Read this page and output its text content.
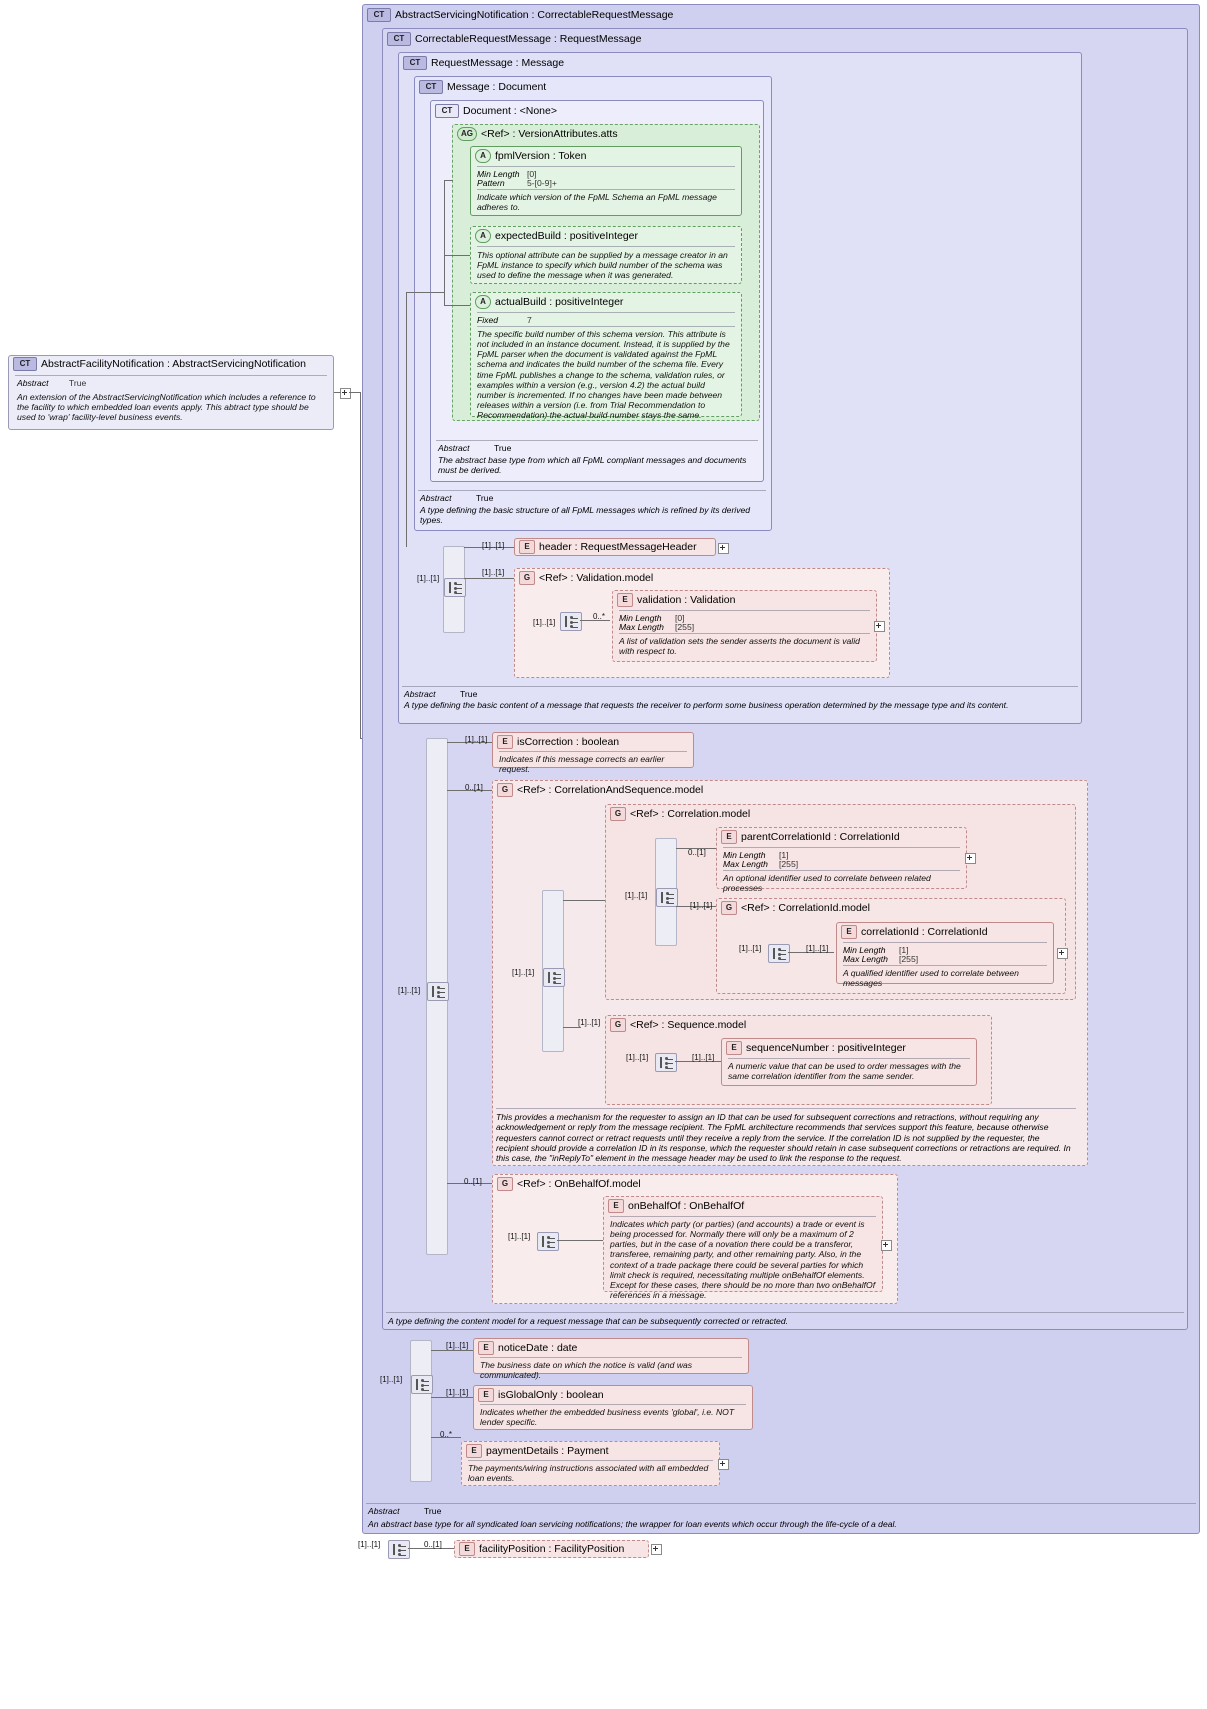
CT AbstractFacilityNotification : AbstractServicingNotification
Abstract True
An extension of the AbstractServicingNotification which includes a reference to the facility to which embedded loan events apply. This abtract type should be used to 'wrap' facility-level business events.
CT AbstractServicingNotification : CorrectableRequestMessage
CT CorrectableRequestMessage : RequestMessage
CT RequestMessage : Message
CT Message : Document
CT Document : <None>
AG <Ref> : VersionAttributes.atts
A fpmlVersion : Token
Min Length [0]
Pattern	5-[0-9]+
Indicate which version of the FpML Schema an FpML message adheres to.
A expectedBuild : positiveInteger
This optional attribute can be supplied by a message creator in an FpML instance to specify which build number of the schema was used to define the message when it was generated.
A actualBuild : positiveInteger
Fixed	7
The specific build number of this schema version. This attribute is not included in an instance document. Instead, it is supplied by the FpML parser when the document is validated against the FpML schema and indicates the build number of the schema file. Every time FpML publishes a change to the schema, validation rules, or examples within a version (e.g., version 4.2) the actual build number is incremented. If no changes have been made between releases within a version (i.e. from Trial Recommendation to Recommendation) the actual build number stays the same.
Abstract	True
The abstract base type from which all FpML compliant messages and documents must be derived.
Abstract	True
A type defining the basic structure of all FpML messages which is refined by its derived types.
[1]..[1]
E header : RequestMessageHeader
[1]..[1]
[1]..[1]
G <Ref> : Validation.model
[1]..[1]
0..*
E validation : Validation
Min Length [0]
Max Length [255]
A list of validation sets the sender asserts the document is valid with respect to.
Abstract	True
A type defining the basic content of a message that requests the receiver to perform some business operation determined by the message type and its content.
[1]..[1]
E isCorrection : boolean
Indicates if this message corrects an earlier request.
[1]..[1]
G <Ref> : CorrelationAndSequence.model
0..[1]
[1]..[1]
G <Ref> : Correlation.model
[1]..[1]
E parentCorrelationId : CorrelationId
Min Length [1]
Max Length [255]
An optional identifier used to correlate between related processes
0..[1]
G <Ref> : CorrelationId.model
[1]..[1]
[1]..[1]	[1]..[1]
E correlationId : CorrelationId
Min Length [1]
Max Length [255]
A qualified identifier used to correlate between messages
G <Ref> : Sequence.model
[1]..[1]
[1]..[1]	[1]..[1]
E sequenceNumber : positiveInteger
A numeric value that can be used to order messages with the same correlation identifier from the same sender.
This provides a mechanism for the requester to assign an ID that can be used for subsequent corrections and retractions, without requiring any acknowledgement or reply from the message recipient. The FpML architecture recommends that services support this feature, because otherwise requesters cannot correct or retract requests until they receive a reply from the service. If the correlation ID is not supplied by the requester, the recipient should provide a correlation ID in its response, which the requester should retain in case subsequent corrections or retractions are required. In this case, the "inReplyTo" element in the message header may be used to link the response to the request.
G <Ref> : OnBehalfOf.model
0..[1]
[1]..[1]
E onBehalfOf : OnBehalfOf
Indicates which party (or parties) (and accounts) a trade or event is being processed for. Normally there will only be a maximum of 2 parties, but in the case of a novation there could be a transferor, transferee, remaining party, and other remaining party. Also, in the context of a trade package there could be several parties for which limit check is required, necessitating multiple onBehalfOf elements. Except for these cases, there should be no more than two onBehalfOf references in a message.
A type defining the content model for a request message that can be subsequently corrected or retracted.
[1]..[1]
E noticeDate : date
The business date on which the notice is valid (and was communicated).
[1]..[1]
E isGlobalOnly : boolean
Indicates whether the embedded business events 'global', i.e. NOT lender specific.
[1]..[1]
E paymentDetails : Payment
The payments/wiring instructions associated with all embedded loan events.
0..*
Abstract	True
An abstract base type for all syndicated loan servicing notifications; the wrapper for loan events which occur through the life-cycle of a deal.
[1]..[1]	0..[1]	E facilityPosition : FacilityPosition
